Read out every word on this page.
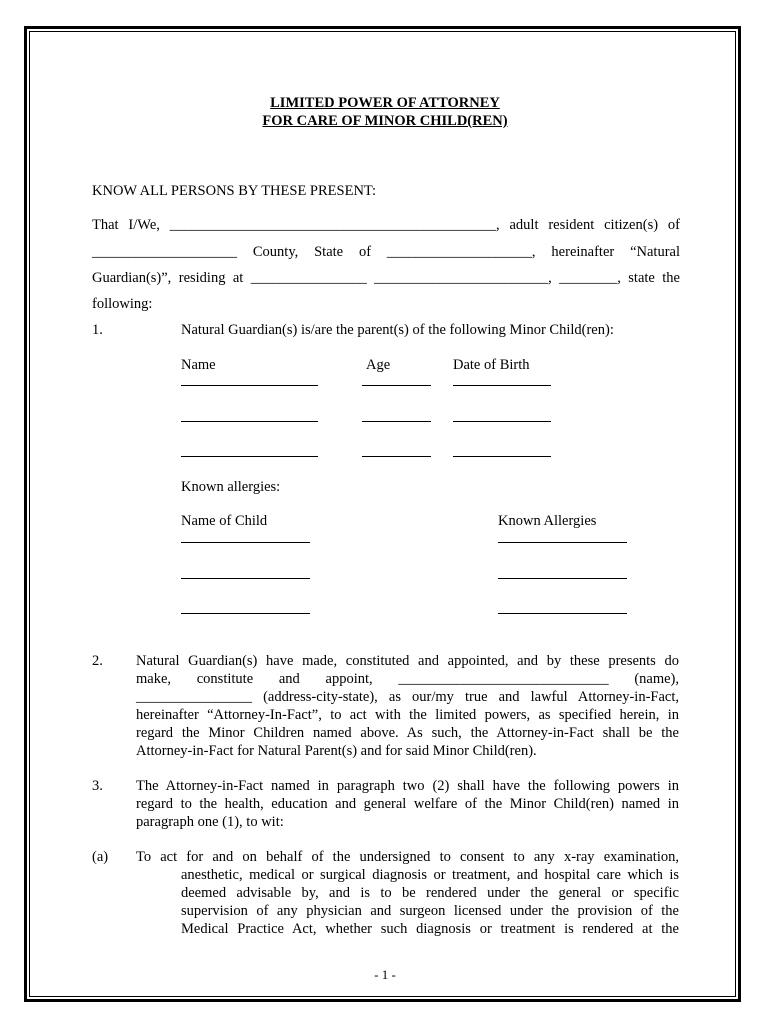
LIMITED POWER OF ATTORNEY
FOR CARE OF MINOR CHILD(REN)
KNOW ALL PERSONS BY THESE PRESENT:
That I/We, _____________________________________________, adult resident citizen(s) of
____________________ County, State of ____________________, hereinafter “Natural
Guardian(s)”, residing at ________________ ________________________, ________, state the
following:
1.	Natural Guardian(s) is/are the parent(s) of the following Minor Child(ren):
Name	Age	Date of Birth
Known allergies:
Name of Child	Known Allergies
2. Natural Guardian(s) have made, constituted and appointed, and by these presents do
make, constitute and appoint, _____________________________ (name),
________________ (address-city-state), as our/my true and lawful Attorney-in-Fact,
hereinafter “Attorney-In-Fact”, to act with the limited powers, as specified herein, in
regard the Minor Children named above. As such, the Attorney-in-Fact shall be the
Attorney-in-Fact for Natural Parent(s) and for said Minor Child(ren).
3. The Attorney-in-Fact named in paragraph two (2) shall have the following powers in
regard to the health, education and general welfare of the Minor Child(ren) named in
paragraph one (1), to wit:
(a) To act for and on behalf of the undersigned to consent to any x-ray examination,
anesthetic, medical or surgical diagnosis or treatment, and hospital care which is
deemed advisable by, and is to be rendered under the general or specific
supervision of any physician and surgeon licensed under the provision of the
Medical Practice Act, whether such diagnosis or treatment is rendered at the
- 1 -
